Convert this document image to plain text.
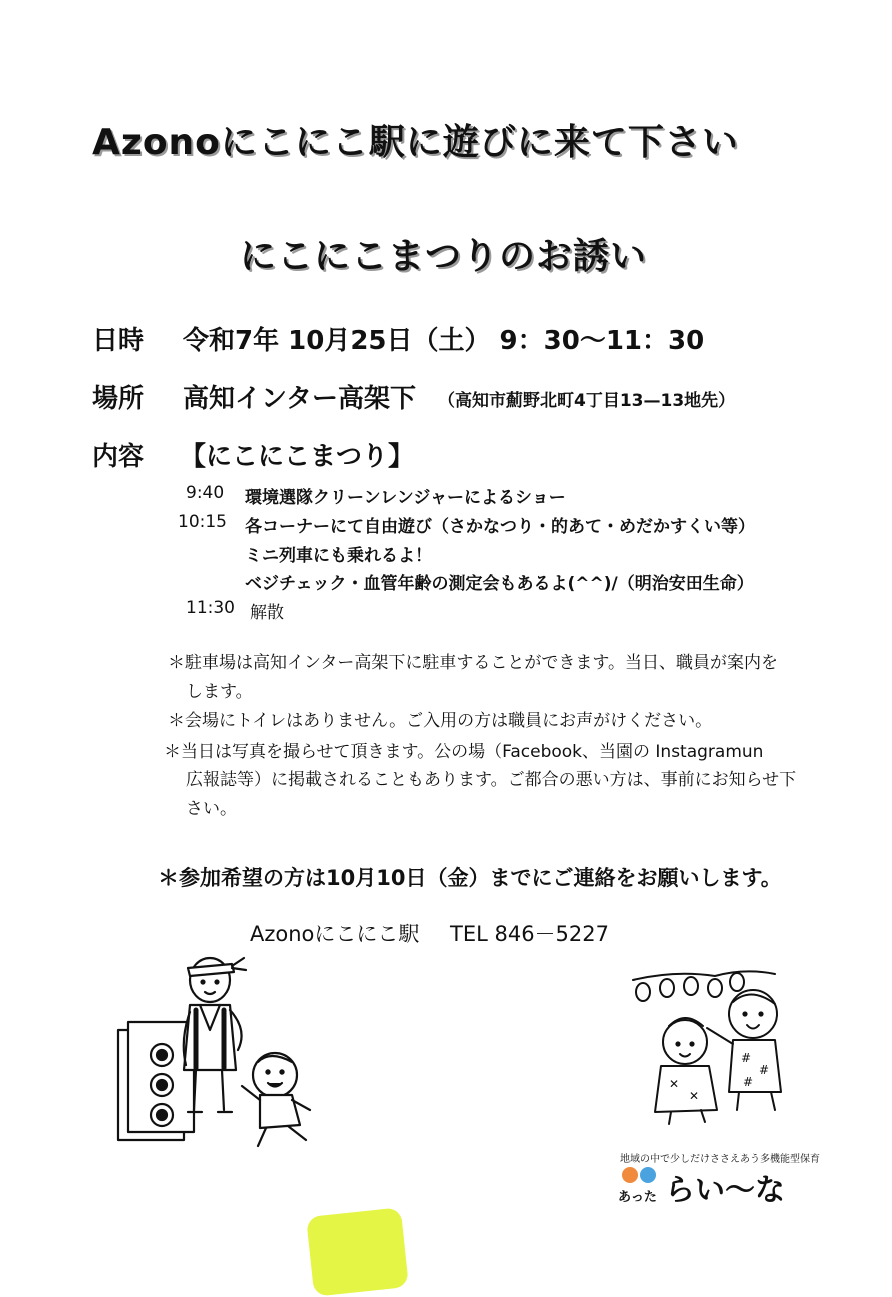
Azonoにこにこ駅に遊びに来て下さい
にこにこまつりのお誘い
日時 令和7年 10月25日（土） 9：30～11：30
場所 高知インター高架下 （高知市薊野北町4丁目13—13地先）
内容 【にこにこまつり】
9:40 環境選隊クリーンレンジャーによるショー
10:15 各コーナーにて自由遊び（さかなつり・的あて・めだかすくい等）
ミニ列車にも乗れるよ！
ベジチェック・血管年齢の測定会もあるよ(^^)/（明治安田生命）
11:30 解散
＊駐車場は高知インター高架下に駐車することができます。当日、職員が案内を
します。
＊会場にトイレはありません。ご入用の方は職員にお声がけください。
＊当日は写真を撮らせて頂きます。公の場（Facebook、当園の Instagramun
広報誌等）に掲載されることもあります。ご都合の悪い方は、事前にお知らせ下
さい。
＊参加希望の方は10月10日（金）までにご連絡をお願いします。
Azonoにこにこ駅 TEL 846－5227
#
#
#
✕
✕
地域の中で少しだけささえあう多機能型保育
あった らい～な
